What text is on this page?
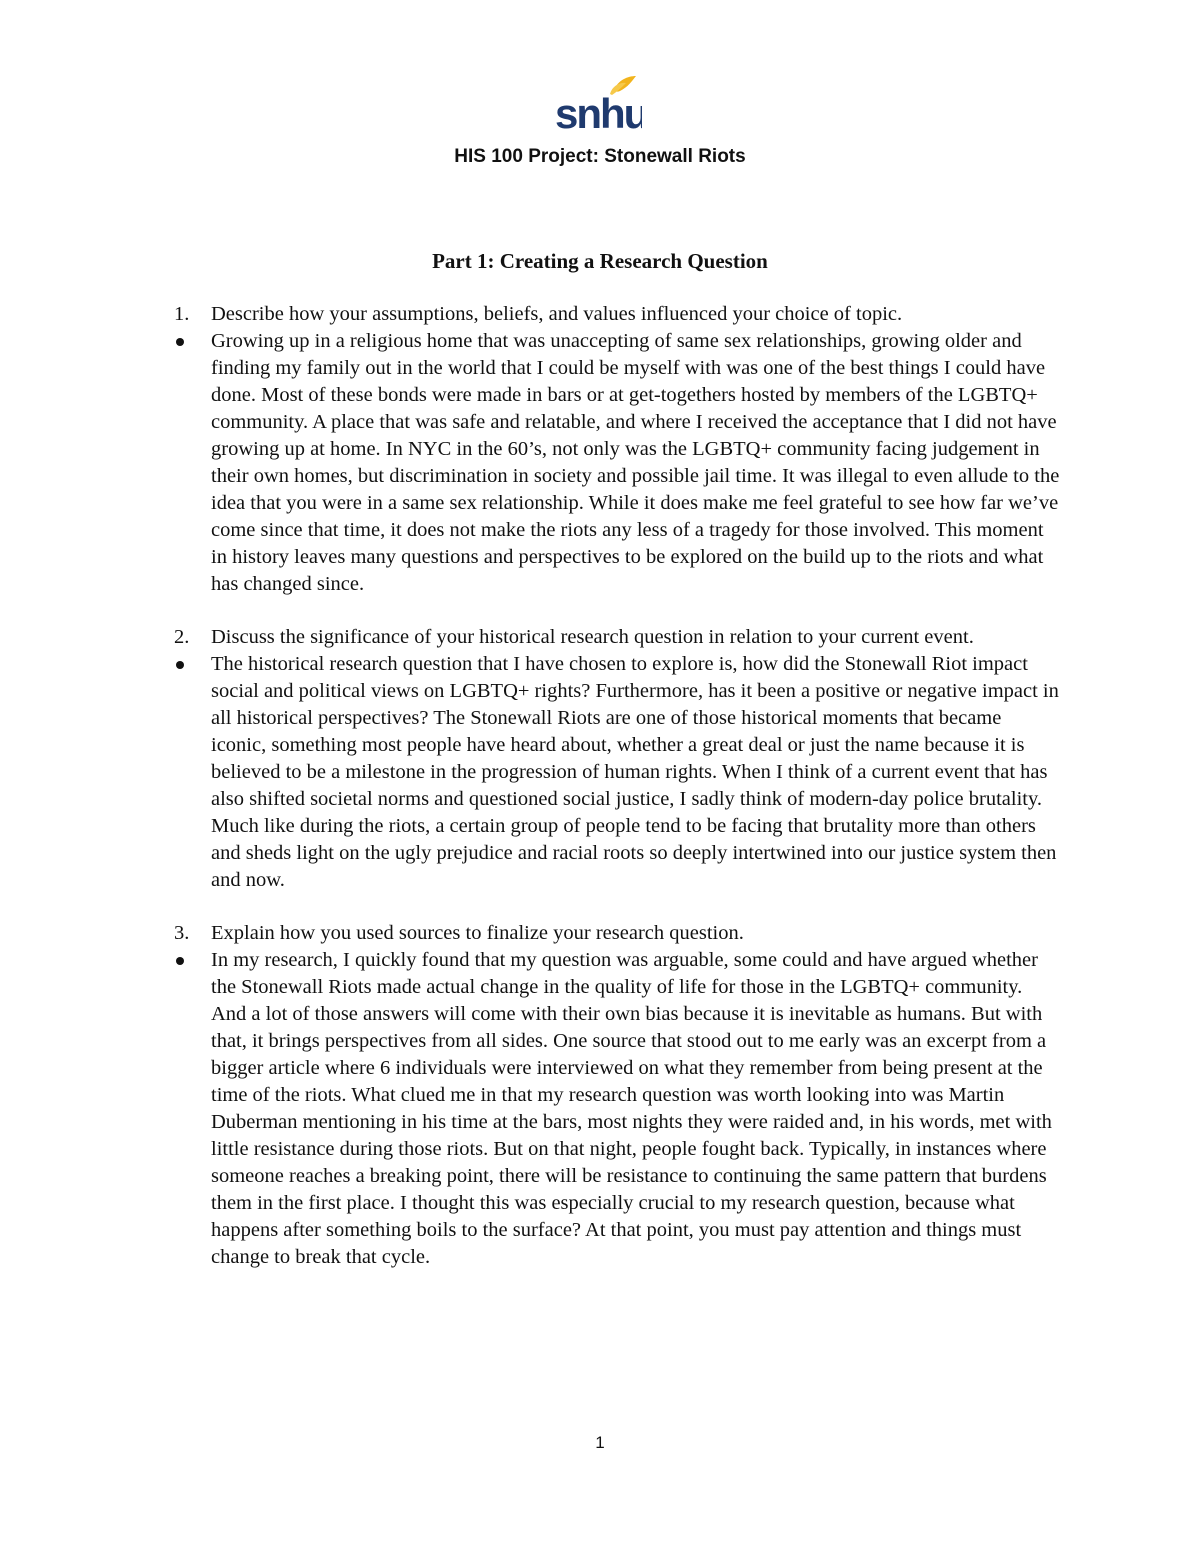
snhu
HIS 100 Project: Stonewall Riots
Part 1: Creating a Research Question
1. Describe how your assumptions, beliefs, and values influenced your choice of topic.
Growing up in a religious home that was unaccepting of same sex relationships, growing older and finding my family out in the world that I could be myself with was one of the best things I could have done. Most of these bonds were made in bars or at get-togethers hosted by members of the LGBTQ+ community. A place that was safe and relatable, and where I received the acceptance that I did not have growing up at home. In NYC in the 60’s, not only was the LGBTQ+ community facing judgement in their own homes, but discrimination in society and possible jail time. It was illegal to even allude to the idea that you were in a same sex relationship. While it does make me feel grateful to see how far we’ve come since that time, it does not make the riots any less of a tragedy for those involved. This moment in history leaves many questions and perspectives to be explored on the build up to the riots and what has changed since.
2. Discuss the significance of your historical research question in relation to your current event.
The historical research question that I have chosen to explore is, how did the Stonewall Riot impact social and political views on LGBTQ+ rights? Furthermore, has it been a positive or negative impact in all historical perspectives? The Stonewall Riots are one of those historical moments that became iconic, something most people have heard about, whether a great deal or just the name because it is believed to be a milestone in the progression of human rights. When I think of a current event that has also shifted societal norms and questioned social justice, I sadly think of modern-day police brutality. Much like during the riots, a certain group of people tend to be facing that brutality more than others and sheds light on the ugly prejudice and racial roots so deeply intertwined into our justice system then and now.
3. Explain how you used sources to finalize your research question.
In my research, I quickly found that my question was arguable, some could and have argued whether the Stonewall Riots made actual change in the quality of life for those in the LGBTQ+ community. And a lot of those answers will come with their own bias because it is inevitable as humans. But with that, it brings perspectives from all sides. One source that stood out to me early was an excerpt from a bigger article where 6 individuals were interviewed on what they remember from being present at the time of the riots. What clued me in that my research question was worth looking into was Martin Duberman mentioning in his time at the bars, most nights they were raided and, in his words, met with little resistance during those riots. But on that night, people fought back. Typically, in instances where someone reaches a breaking point, there will be resistance to continuing the same pattern that burdens them in the first place. I thought this was especially crucial to my research question, because what happens after something boils to the surface? At that point, you must pay attention and things must change to break that cycle.
1
